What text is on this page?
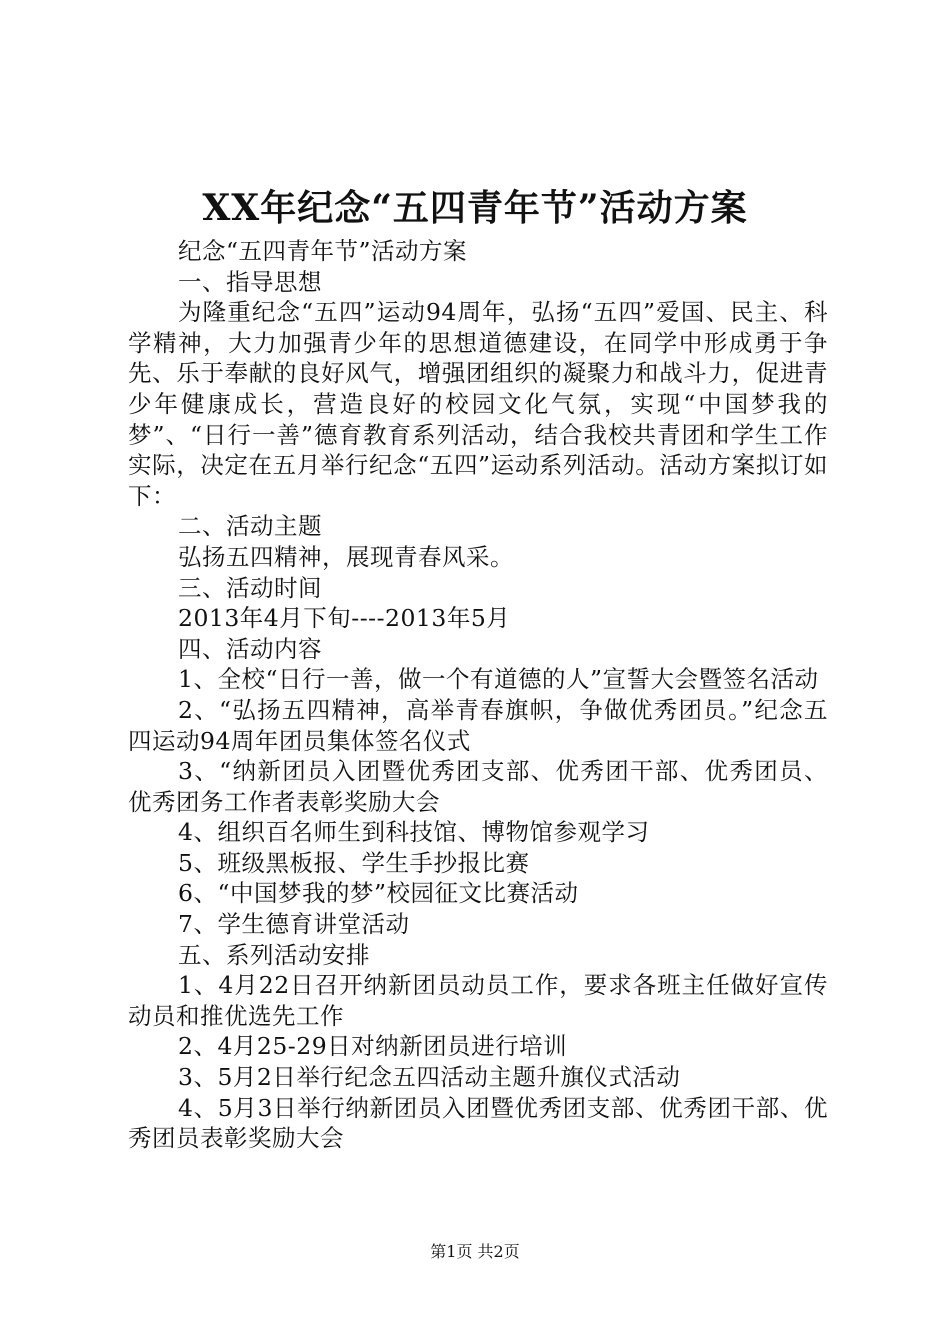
XX年纪念“五四青年节”活动方案

纪念“五四青年节”活动方案

一、指导思想

为隆重纪念“五四”运动94周年，弘扬“五四”爱国、民主、科学精神，大力加强青少年的思想道德建设，在同学中形成勇于争先、乐于奉献的良好风气，增强团组织的凝聚力和战斗力，促进青少年健康成长，营造良好的校园文化气氛，实现“中国梦我的梦”、“日行一善”德育教育系列活动，结合我校共青团和学生工作实际，决定在五月举行纪念“五四”运动系列活动。活动方案拟订如下：

二、活动主题

弘扬五四精神，展现青春风采。

三、活动时间

2013年4月下旬----2013年5月

四、活动内容

1、全校“日行一善，做一个有道德的人”宣誓大会暨签名活动

2、“弘扬五四精神，高举青春旗帜，争做优秀团员。”纪念五四运动94周年团员集体签名仪式

3、“纳新团员入团暨优秀团支部、优秀团干部、优秀团员、优秀团务工作者表彰奖励大会

4、组织百名师生到科技馆、博物馆参观学习

5、班级黑板报、学生手抄报比赛

6、“中国梦我的梦”校园征文比赛活动

7、学生德育讲堂活动

五、系列活动安排

1、4月22日召开纳新团员动员工作，要求各班主任做好宣传动员和推优选先工作

2、4月25-29日对纳新团员进行培训

3、5月2日举行纪念五四活动主题升旗仪式活动

4、5月3日举行纳新团员入团暨优秀团支部、优秀团干部、优秀团员表彰奖励大会

第1页 共2页
